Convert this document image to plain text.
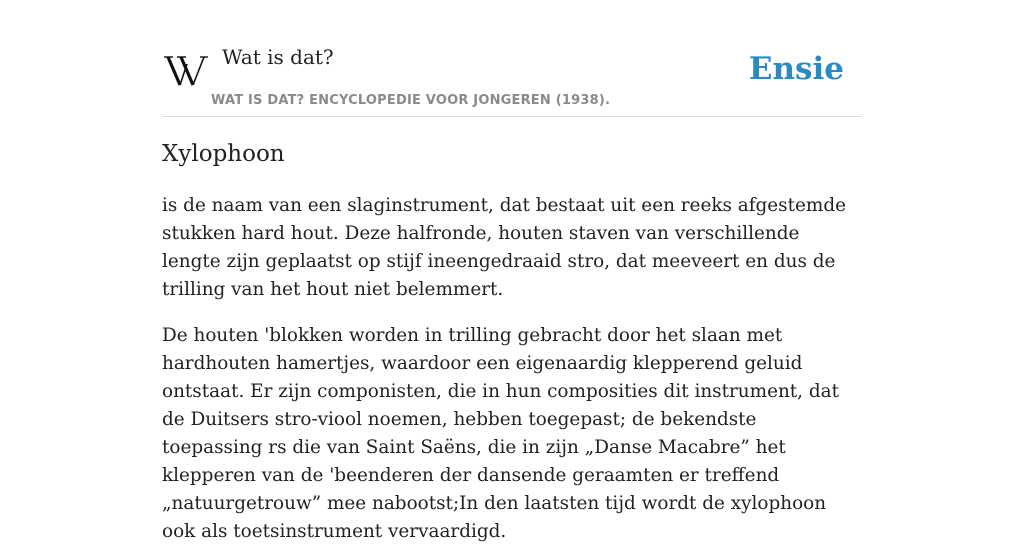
Wat is dat?
WAT IS DAT? ENCYCLOPEDIE VOOR JONGEREN (1938).
Ensie
Xylophoon

is de naam van een slaginstrument, dat bestaat uit een reeks afgestemde stukken hard hout. Deze halfronde, houten staven van verschillende lengte zijn geplaatst op stijf ineengedraaid stro, dat meeveert en dus de trilling van het hout niet belemmert.

De houten 'blokken worden in trilling gebracht door het slaan met hardhouten hamertjes, waardoor een eigenaardig klepperend geluid ontstaat. Er zijn componisten, die in hun composities dit instrument, dat de Duitsers stro-viool noemen, hebben toegepast; de bekendste toepassing rs die van Saint Saëns, die in zijn „Danse Macabre” het klepperen van de 'beenderen der dansende geraamten er treffend „natuurgetrouw” mee nabootst;In den laatsten tijd wordt de xylophoon ook als toetsinstrument vervaardigd.
